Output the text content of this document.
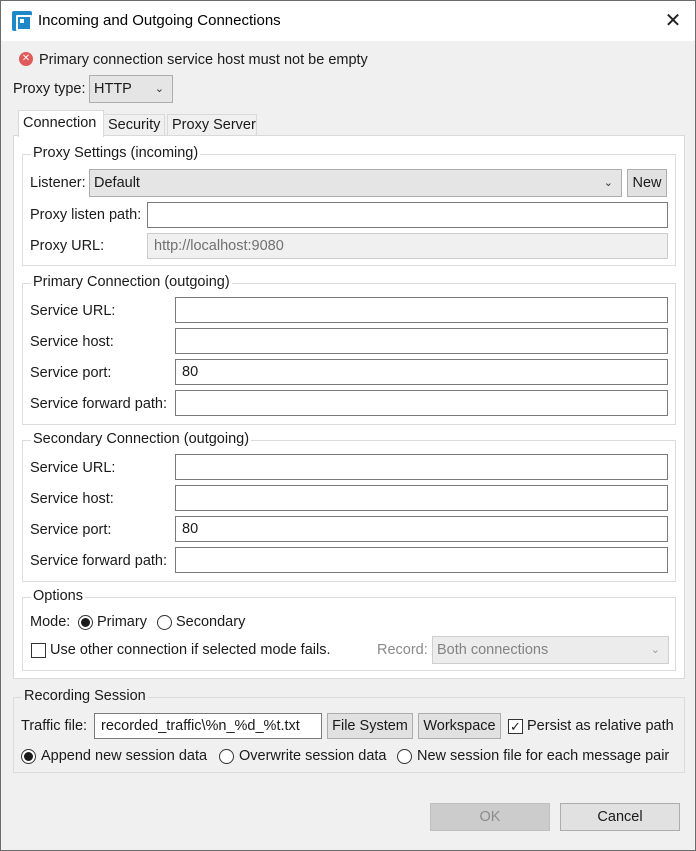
Incoming and Outgoing Connections	✕
✕ Primary connection service host must not be empty
Proxy type: HTTP ⌄
Connection Security Proxy Server
Proxy Settings (incoming)
Listener: Default	⌄	New
Proxy listen path:
Proxy URL:	http://localhost:9080
Primary Connection (outgoing)
Service URL:
Service host:
Service port:	80
Service forward path:
Secondary Connection (outgoing)
Service URL:
Service host:
Service port:	80
Service forward path:
Options
Mode: Primary Secondary
Use other connection if selected mode fails.	Record: Both connections	⌄
Recording Session
Traffic file: recorded_traffic\%n_%d_%t.txt	File System	Workspace	✓ Persist as relative path
Append new session data Overwrite session data New session file for each message pair
OK	Cancel
